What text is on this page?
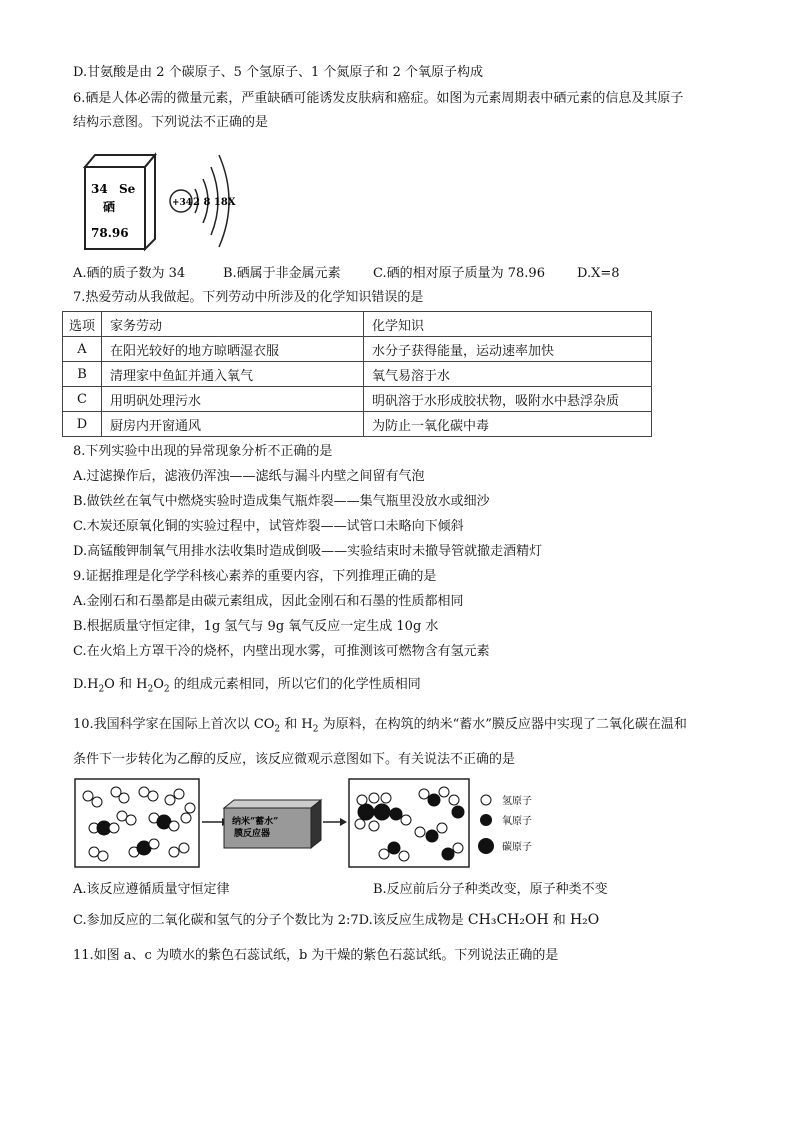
D.甘氨酸是由 2 个碳原子、5 个氢原子、1 个氮原子和 2 个氧原子构成
6.硒是人体必需的微量元素，严重缺硒可能诱发皮肤病和癌症。如图为元素周期表中硒元素的信息及其原子
结构示意图。下列说法不正确的是
34 Se
硒
78.96
+34 2 8 18X
A.硒的质子数为 34	B.硒属于非金属元素 C.硒的相对原子质量为 78.96 D.X=8
7.热爱劳动从我做起。下列劳动中所涉及的化学知识错误的是
选项	家务劳动	化学知识
A	在阳光较好的地方晾晒湿衣服	水分子获得能量，运动速率加快
B	清理家中鱼缸并通入氧气	氧气易溶于水
C	用明矾处理污水	明矾溶于水形成胶状物，吸附水中悬浮杂质
D	厨房内开窗通风	为防止一氧化碳中毒
8.下列实验中出现的异常现象分析不正确的是
A.过滤操作后，滤液仍浑浊——滤纸与漏斗内壁之间留有气泡
B.做铁丝在氧气中燃烧实验时造成集气瓶炸裂——集气瓶里没放水或细沙
C.木炭还原氧化铜的实验过程中，试管炸裂——试管口未略向下倾斜
D.高锰酸钾制氧气用排水法收集时造成倒吸——实验结束时未撤导管就撤走酒精灯
9.证据推理是化学学科核心素养的重要内容，下列推理正确的是
A.金刚石和石墨都是由碳元素组成，因此金刚石和石墨的性质都相同
B.根据质量守恒定律，1g 氢气与 9g 氧气反应一定生成 10g 水
C.在火焰上方罩干冷的烧杯，内壁出现水雾，可推测该可燃物含有氢元素
$D.H_2O$ 和 $H_2O_2$ 的组成元素相同，所以它们的化学性质相同
10.我国科学家在国际上首次以 $CO_2$ 和 $H_2$ 为原料，在构筑的纳米“蓄水”膜反应器中实现了二氧化碳在温和
条件下一步转化为乙醇的反应，该反应微观示意图如下。有关说法不正确的是
纳米“蓄水”
膜反应器
氢原子
氧原子
碳原子
A.该反应遵循质量守恒定律	B.反应前后分子种类改变，原子种类不变
C.参加反应的二氧化碳和氢气的分子个数比为 2:7D.该反应生成物是 CH₃CH₂OH 和 H₂O
11.如图 a、c 为喷水的紫色石蕊试纸，b 为干燥的紫色石蕊试纸。下列说法正确的是
